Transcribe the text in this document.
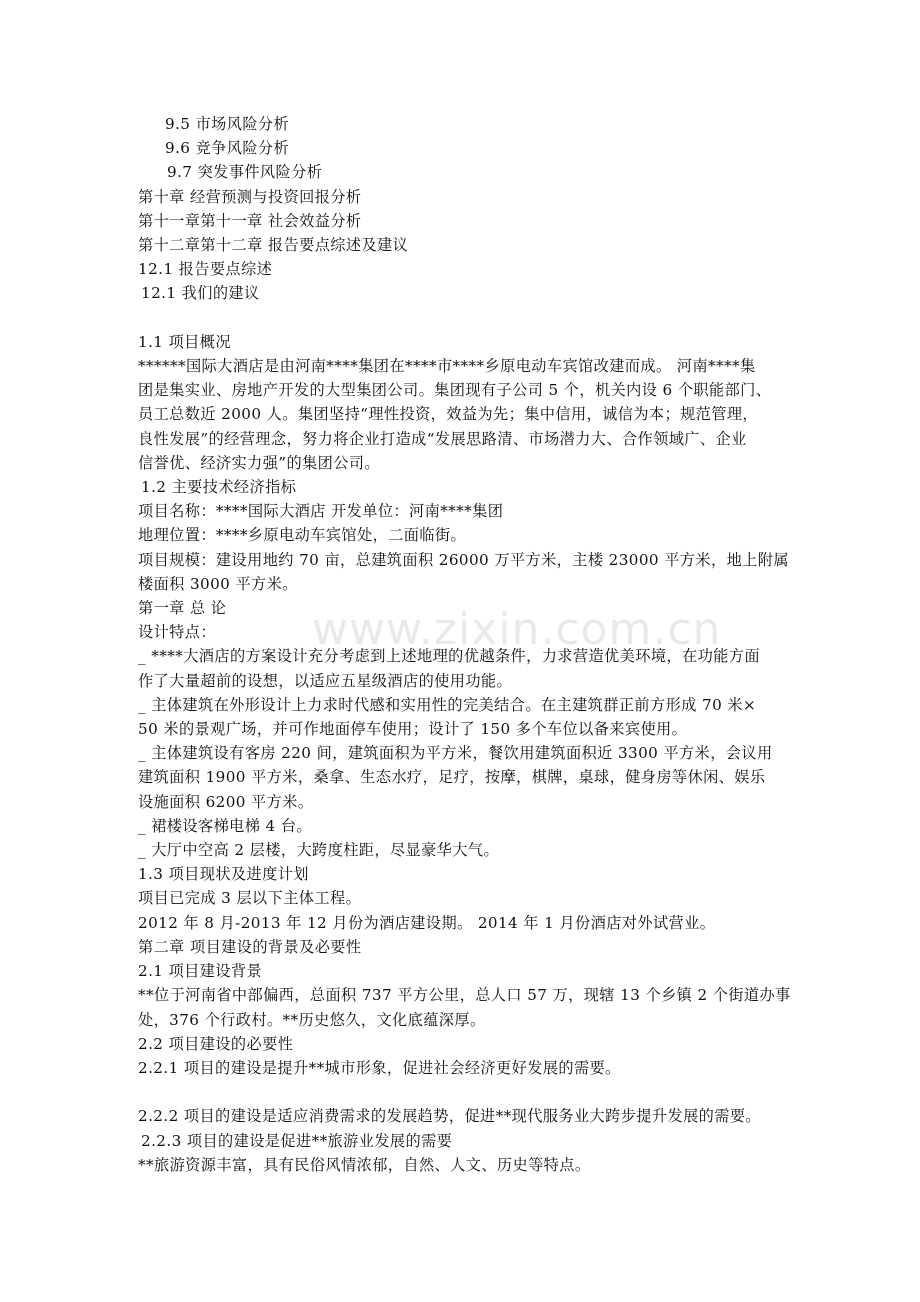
www.zixin.com.cn
9.5 市场风险分析
9.6 竞争风险分析
9.7 突发事件风险分析
第十章 经营预测与投资回报分析
第十一章第十一章 社会效益分析
第十二章第十二章 报告要点综述及建议
12.1 报告要点综述
12.1 我们的建议
1.1 项目概况
******国际大酒店是由河南****集团在****市****乡原电动车宾馆改建而成。 河南****集
团是集实业、房地产开发的大型集团公司。集团现有子公司 5 个，机关内设 6 个职能部门、
员工总数近 2000 人。集团坚持“理性投资，效益为先；集中信用，诚信为本；规范管理，
良性发展”的经营理念，努力将企业打造成“发展思路清、市场潜力大、合作领域广、企业
信誉优、经济实力强”的集团公司。
1.2 主要技术经济指标
项目名称：****国际大酒店 开发单位：河南****集团
地理位置：****乡原电动车宾馆处，二面临街。
项目规模：建设用地约 70 亩，总建筑面积 26000 万平方米，主楼 23000 平方米，地上附属
楼面积 3000 平方米。
第一章 总 论
设计特点：
_ ****大酒店的方案设计充分考虑到上述地理的优越条件，力求营造优美环境，在功能方面
作了大量超前的设想，以适应五星级酒店的使用功能。
_ 主体建筑在外形设计上力求时代感和实用性的完美结合。在主建筑群正前方形成 70 米×
50 米的景观广场，并可作地面停车使用；设计了 150 多个车位以备来宾使用。
_ 主体建筑设有客房 220 间，建筑面积为平方米，餐饮用建筑面积近 3300 平方米，会议用
建筑面积 1900 平方米，桑拿、生态水疗，足疗，按摩，棋牌，桌球，健身房等休闲、娱乐
设施面积 6200 平方米。
_ 裙楼设客梯电梯 4 台。
_ 大厅中空高 2 层楼，大跨度柱距，尽显豪华大气。
1.3 项目现状及进度计划
项目已完成 3 层以下主体工程。
2012 年 8 月-2013 年 12 月份为酒店建设期。 2014 年 1 月份酒店对外试营业。
第二章 项目建设的背景及必要性
2.1 项目建设背景
**位于河南省中部偏西，总面积 737 平方公里，总人口 57 万，现辖 13 个乡镇 2 个街道办事
处，376 个行政村。**历史悠久，文化底蕴深厚。
2.2 项目建设的必要性
2.2.1 项目的建设是提升**城市形象，促进社会经济更好发展的需要。
2.2.2 项目的建设是适应消费需求的发展趋势，促进**现代服务业大跨步提升发展的需要。
2.2.3 项目的建设是促进**旅游业发展的需要
**旅游资源丰富，具有民俗风情浓郁，自然、人文、历史等特点。
